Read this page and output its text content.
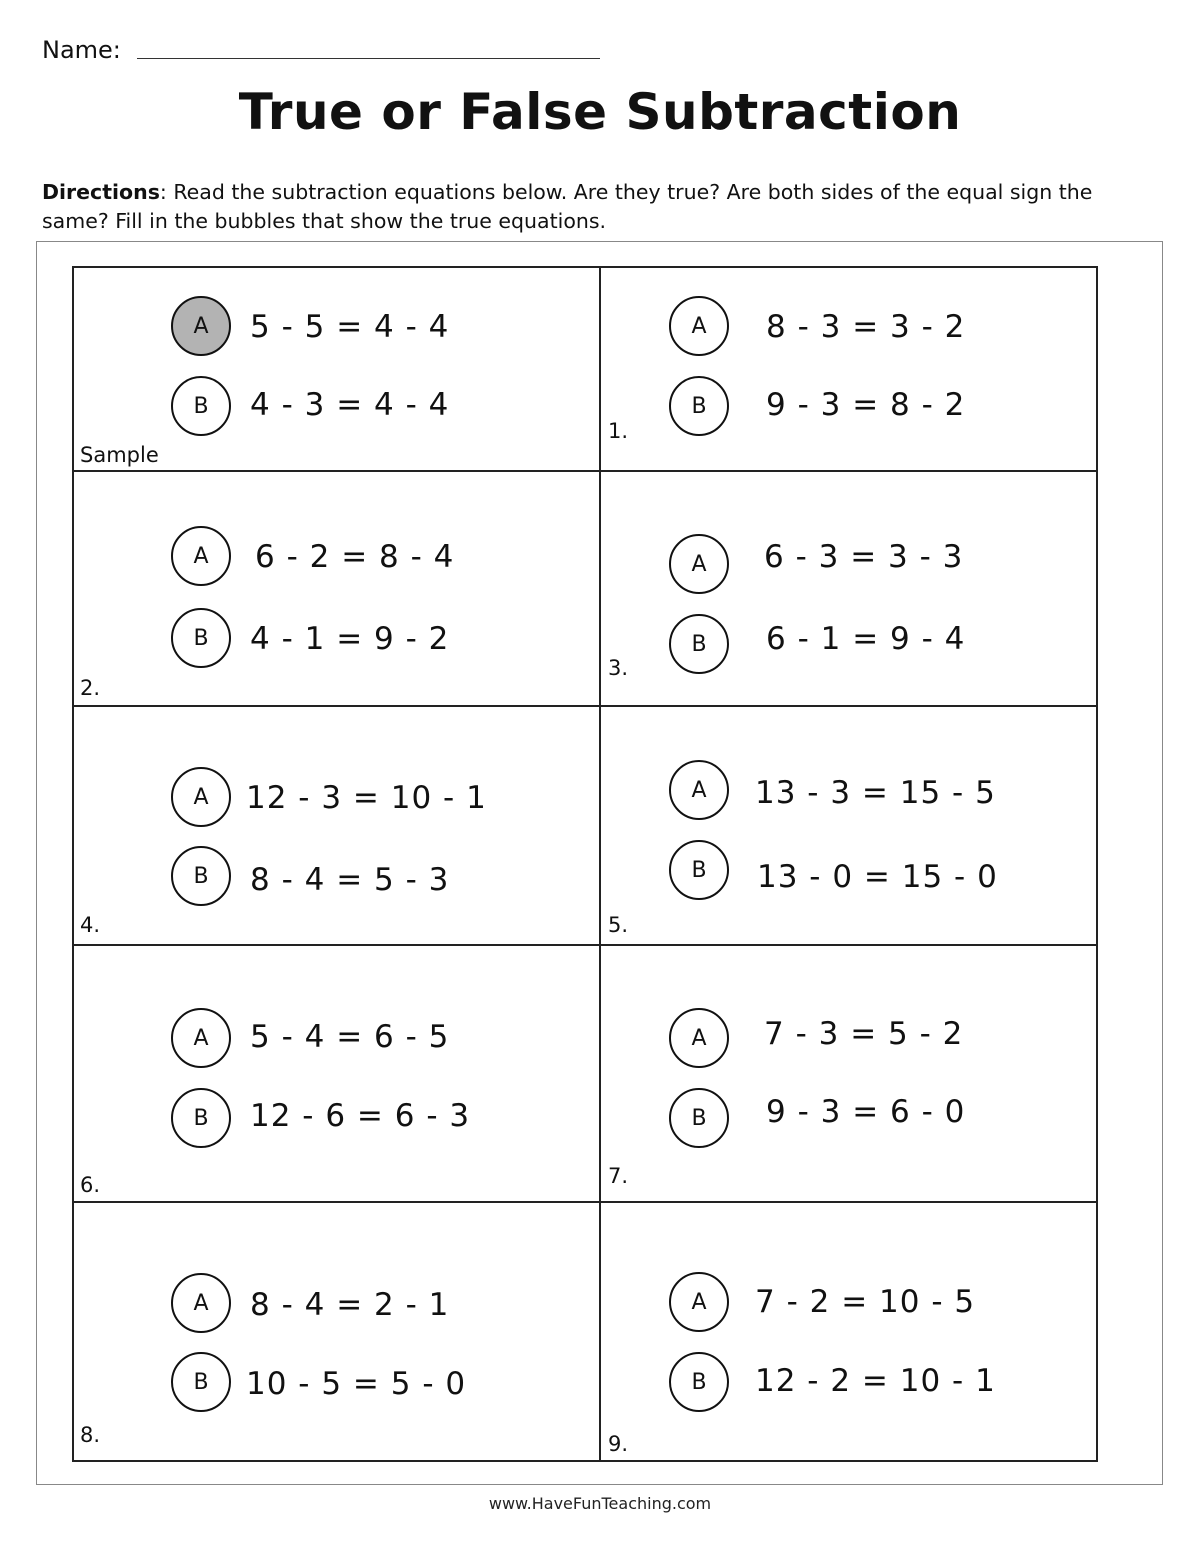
Name:
True or False Subtraction
Directions: Read the subtraction equations below. Are they true? Are both sides of the equal sign the same? Fill in the bubbles that show the true equations.
A 5 - 5 = 4 - 4
B 4 - 3 = 4 - 4
Sample
A 8 - 3 = 3 - 2
B 9 - 3 = 8 - 2
1.
A 6 - 2 = 8 - 4
B 4 - 1 = 9 - 2
2.
A 6 - 3 = 3 - 3
B 6 - 1 = 9 - 4
3.
A 12 - 3 = 10 - 1
B 8 - 4 = 5 - 3
4.
A 13 - 3 = 15 - 5
B 13 - 0 = 15 - 0
5.
A 5 - 4 = 6 - 5
B 12 - 6 = 6 - 3
6.
A 7 - 3 = 5 - 2
B 9 - 3 = 6 - 0
7.
A 8 - 4 = 2 - 1
B 10 - 5 = 5 - 0
8.
A 7 - 2 = 10 - 5
B 12 - 2 = 10 - 1
9.
www.HaveFunTeaching.com
